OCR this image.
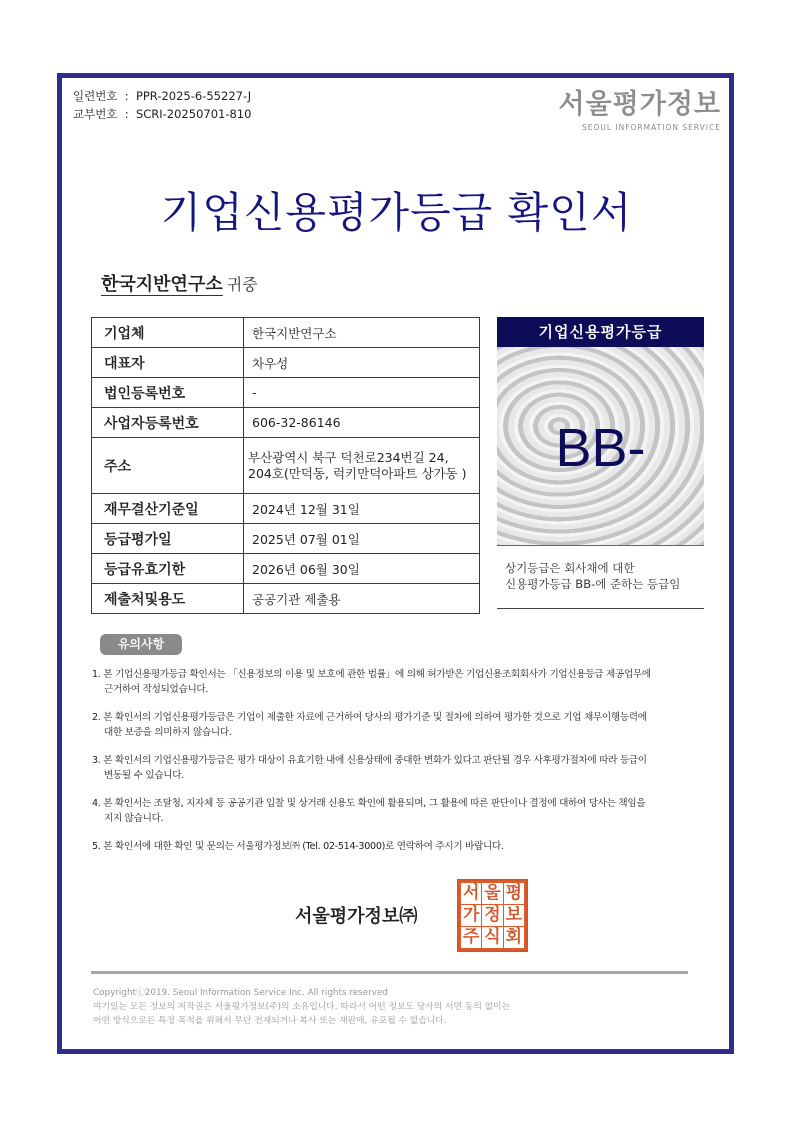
일련번호  :  PPR-2025-6-55227-J
교부번호  :  SCRI-20250701-810	서울평가정보
SEOUL INFORMATION SERVICE
기업신용평가등급 확인서
한국지반연구소 귀중
기업체	한국지반연구소
대표자	차우성
법인등록번호	-
사업자등록번호	606-32-86146
주소	부산광역시 북구 덕천로234번길 24, 204호(만덕동, 럭키만덕아파트 상가동 )
재무결산기준일	2024년 12월 31일
등급평가일	2025년 07월 01일
등급유효기한	2026년 06월 30일
제출처및용도	공공기관 제출용
기업신용평가등급
BB-
상기등급은 회사채에 대한
신용평가등급 BB-에 준하는 등급임
유의사항
1. 본 기업신용평가등급 확인서는 「신용정보의 이용 및 보호에 관한 법률」에 의해 허가받은 기업신용조회회사가 기업신용등급 제공업무에 근거하여 작성되었습니다.
2. 본 확인서의 기업신용평가등급은 기업이 제출한 자료에 근거하여 당사의 평가기준 및 절차에 의하여 평가한 것으로 기업 채무이행능력에 대한 보증을 의미하지 않습니다.
3. 본 확인서의 기업신용평가등급은 평가 대상이 유효기한 내에 신용상태에 중대한 변화가 있다고 판단될 경우 사후평가절차에 따라 등급이 변동될 수 있습니다.
4. 본 확인서는 조달청, 지자체 등 공공기관 입찰 및 상거래 신용도 확인에 활용되며, 그 활용에 따른 판단이나 결정에 대하여 당사는 책임을 지지 않습니다.
5. 본 확인서에 대한 확인 및 문의는 서울평가정보㈜ (Tel. 02-514-3000)로 연락하여 주시기 바랍니다.
서울평가정보㈜
서 울 평
가 정 보
주 식 회
Copyrightⓒ2019. Seoul Information Service Inc. All rights reserved
여기있는 모든 정보의 저작권은 서울평가정보(주)의 소유입니다. 따라서 어떤 정보도 당사의 서면 동의 없이는
어떤 방식으로든 특정 목적을 위해서 무단 전재되거나 복사 또는 재판매, 유포될 수 없습니다.
